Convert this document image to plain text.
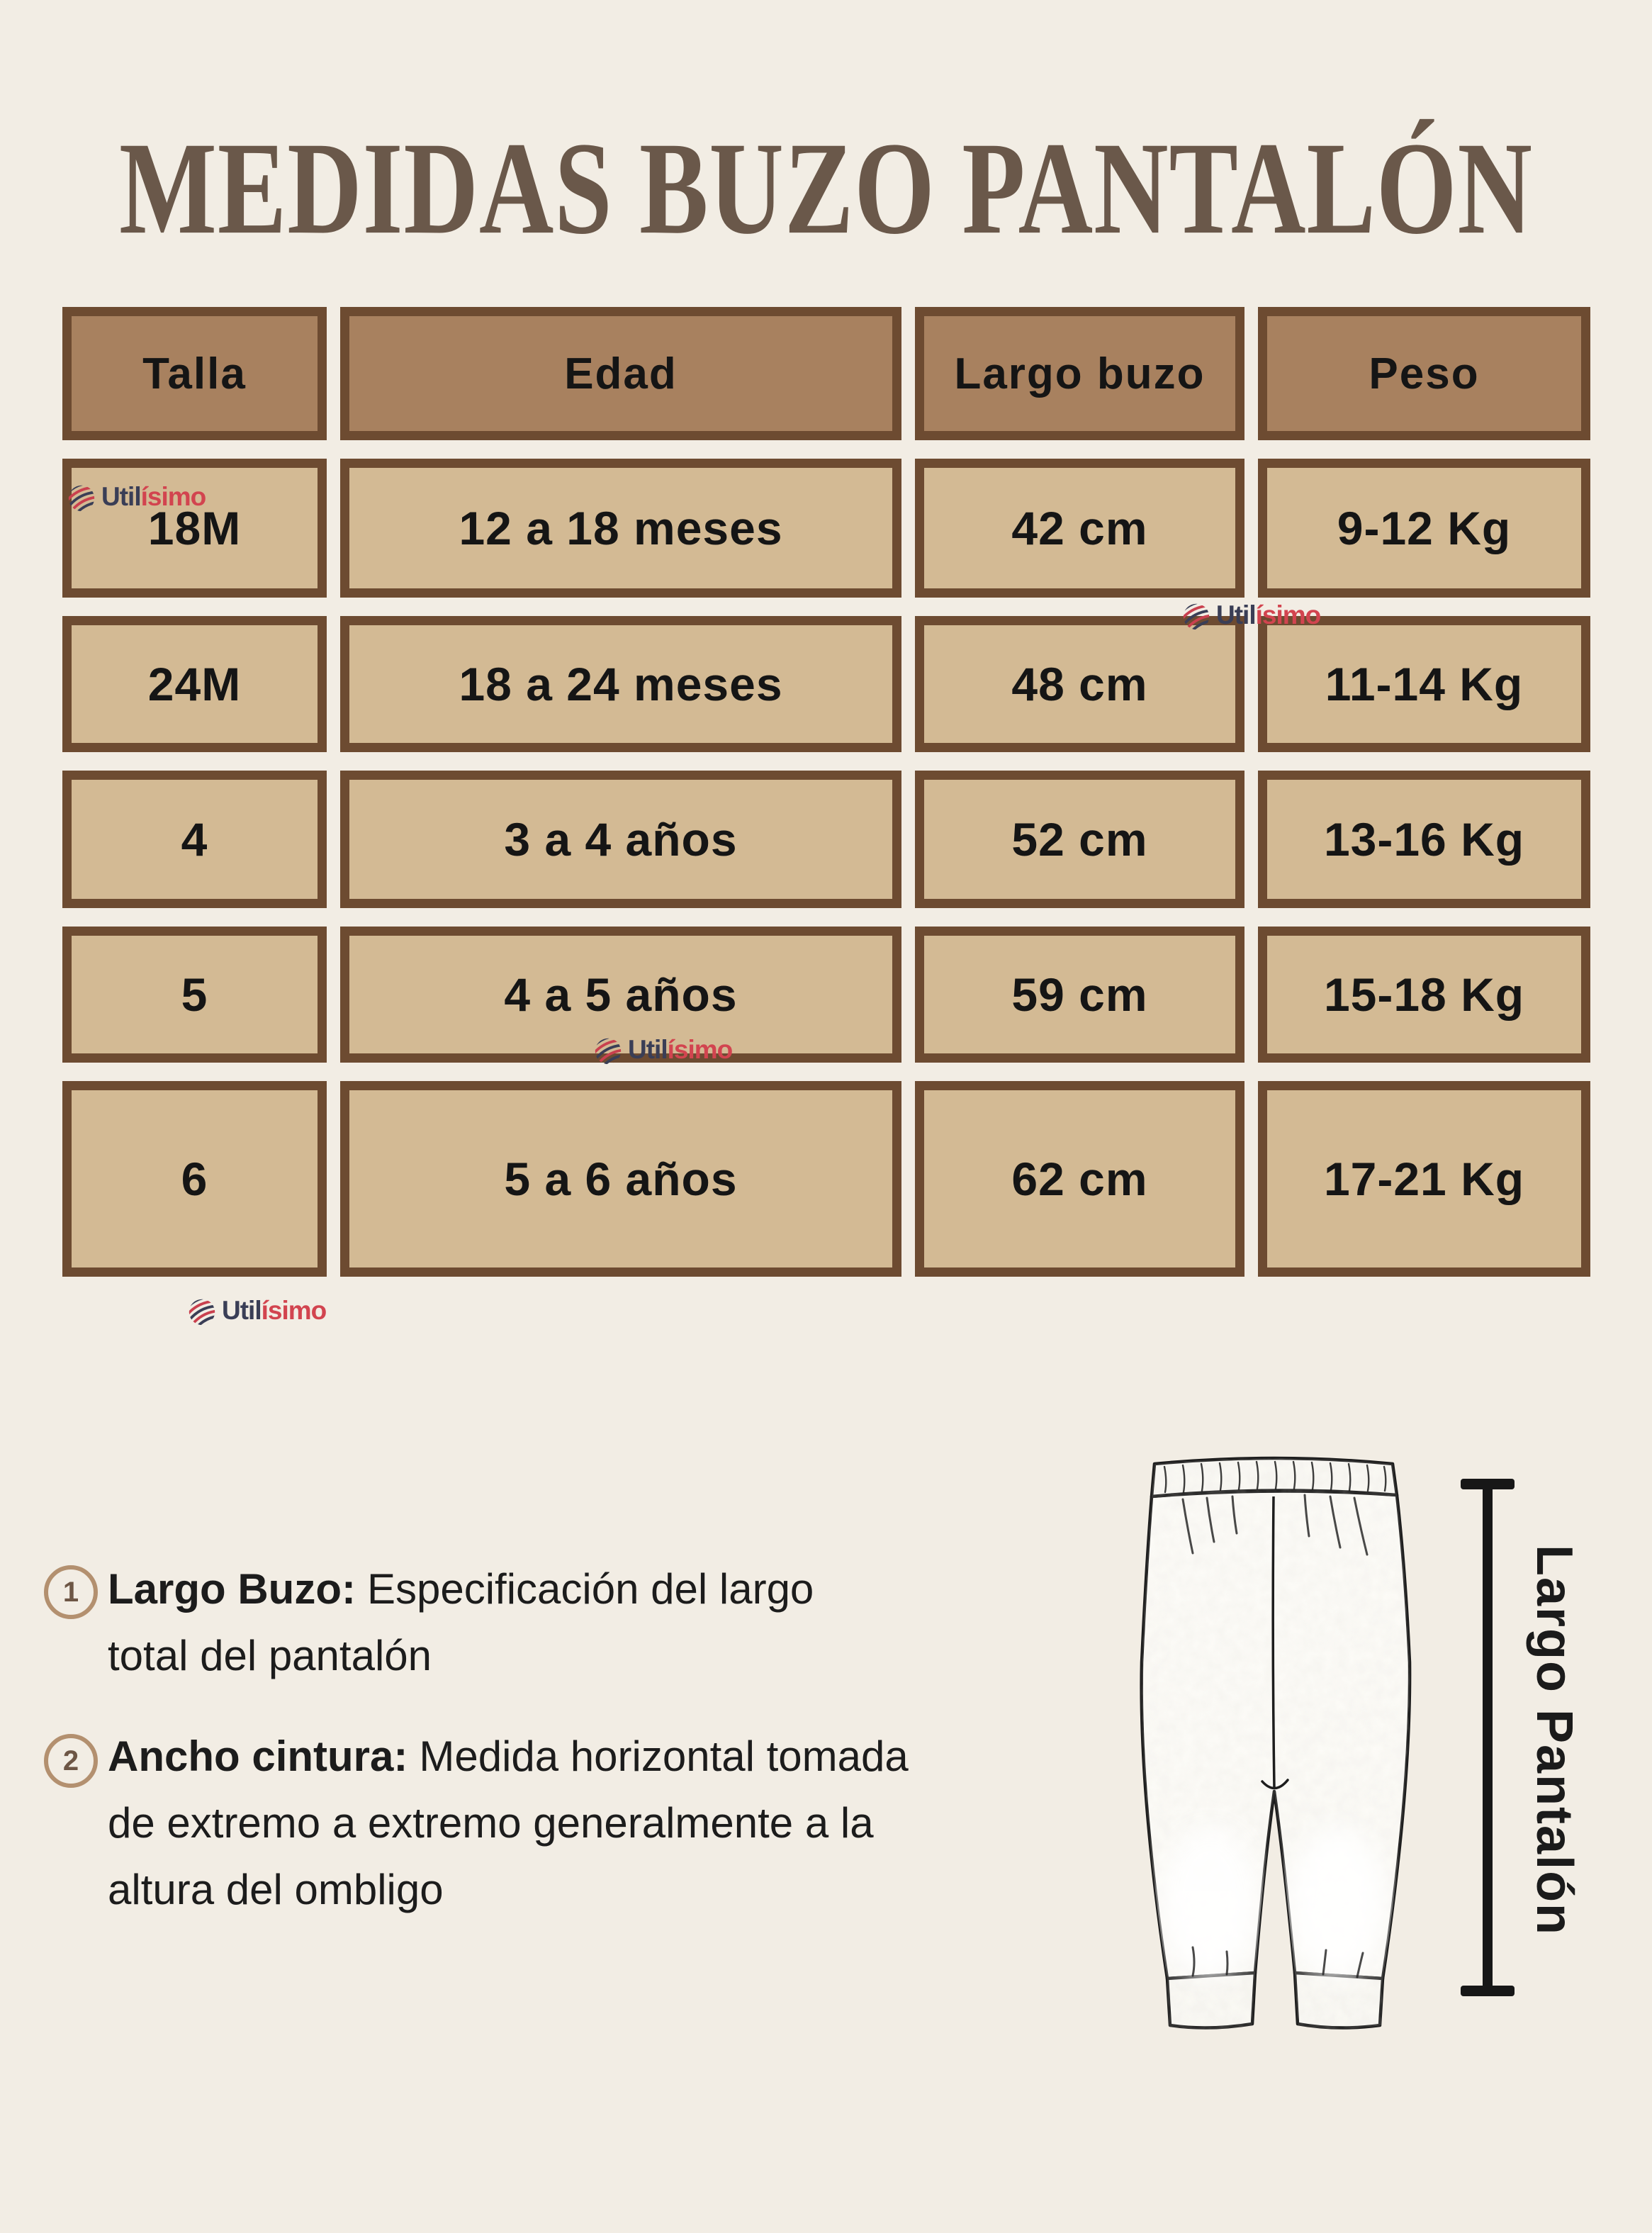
MEDIDAS BUZO PANTALÓN
Talla	Edad	Largo buzo	Peso
18M	12 a 18 meses	42 cm	9-12 Kg
24M	18 a 24 meses	48 cm	11-14 Kg
4	3 a 4 años	52 cm	13-16 Kg
5	4 a 5 años	59 cm	15-18 Kg
6	5 a 6 años	62 cm	17-21 Kg
Utilísimo
Utilísimo
Utilísimo
Utilísimo
1 Largo Buzo: Especificación del largo
total del pantalón
2 Ancho cintura: Medida horizontal tomada
de extremo a extremo generalmente a la
altura del ombligo	Largo Pantalón
